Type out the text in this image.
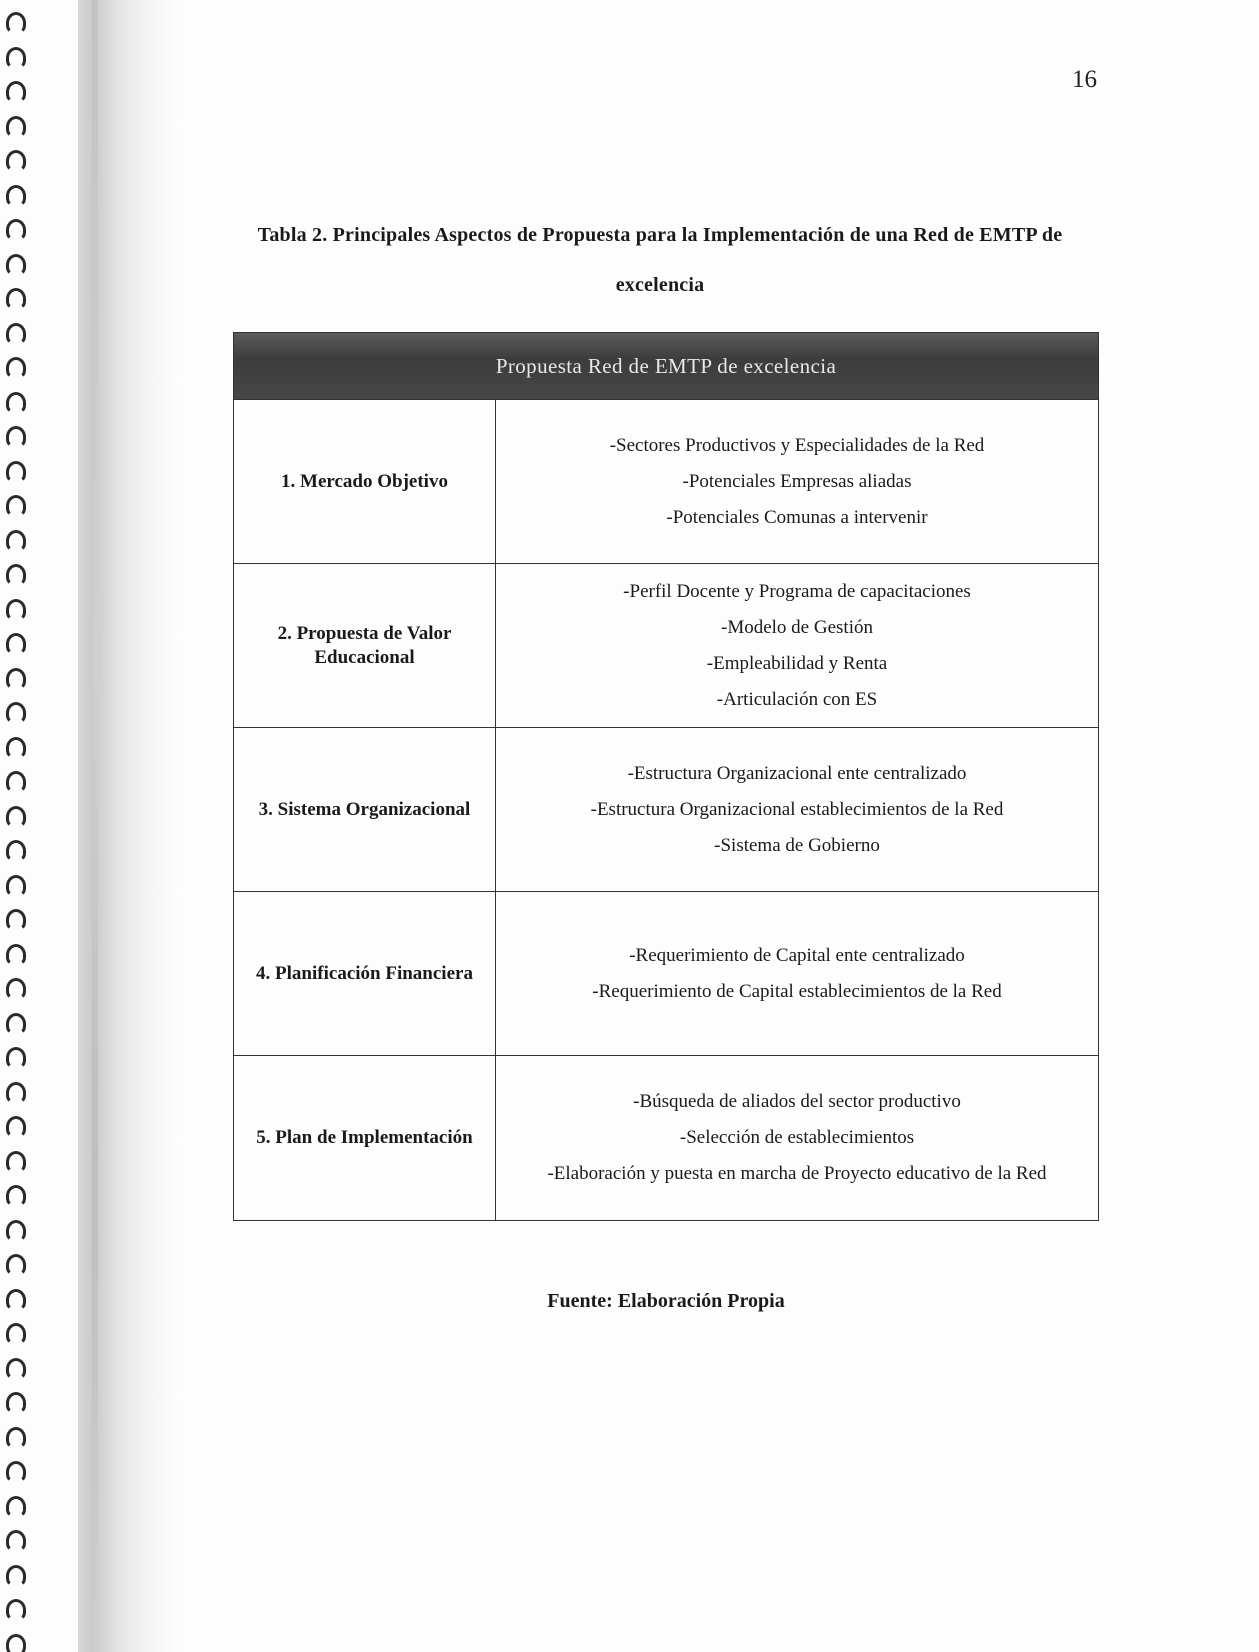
16
Tabla 2. Principales Aspectos de Propuesta para la Implementación de una Red de EMTP de
excelencia
Propuesta Red de EMTP de excelencia
1. Mercado Objetivo
-Sectores Productivos y Especialidades de la Red
-Potenciales Empresas aliadas
-Potenciales Comunas a intervenir
2. Propuesta de Valor Educacional
-Perfil Docente y Programa de capacitaciones
-Modelo de Gestión
-Empleabilidad y Renta
-Articulación con ES
3. Sistema Organizacional
-Estructura Organizacional ente centralizado
-Estructura Organizacional establecimientos de la Red
-Sistema de Gobierno
4. Planificación Financiera
-Requerimiento de Capital ente centralizado
-Requerimiento de Capital establecimientos de la Red
5. Plan de Implementación
-Búsqueda de aliados del sector productivo
-Selección de establecimientos
-Elaboración y puesta en marcha de Proyecto educativo de la Red
Fuente: Elaboración Propia
